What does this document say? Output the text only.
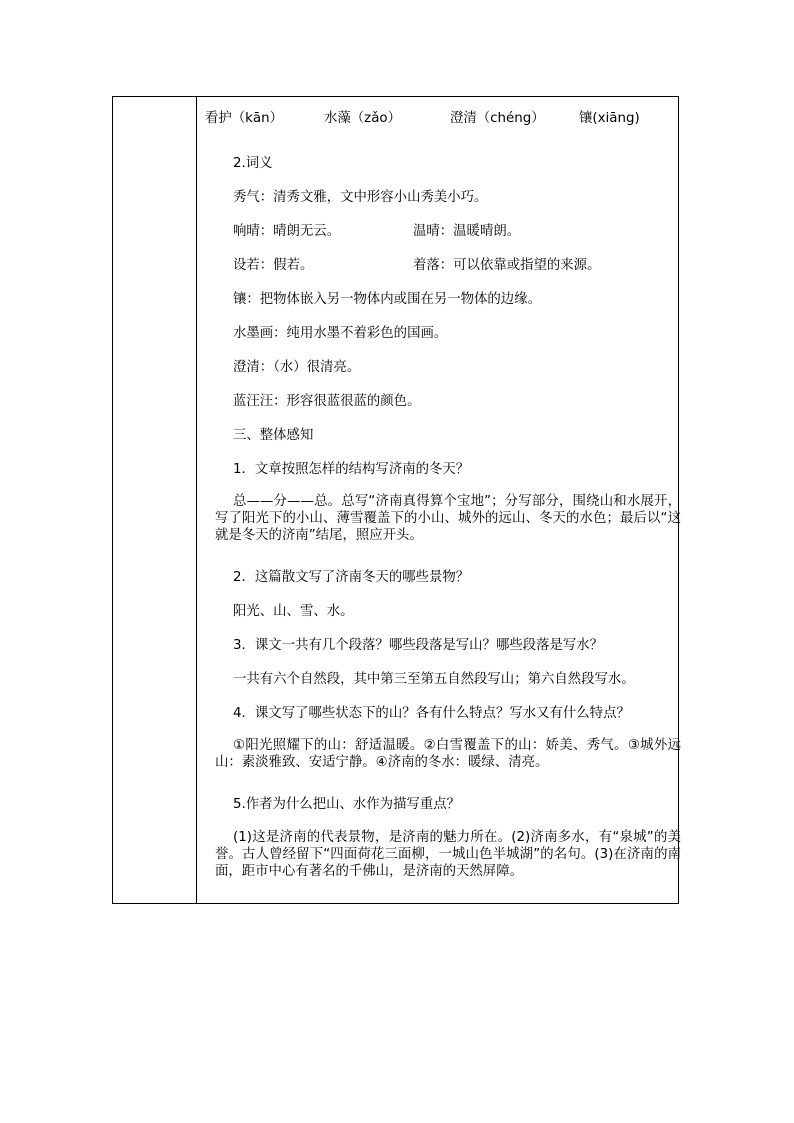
看护（kān）	水藻（zǎo）	澄清（chéng）	镶(xiāng)
2.词义
秀气：清秀文雅，文中形容小山秀美小巧。
响晴：晴朗无云。	温晴：温暖晴朗。
设若：假若。	着落：可以依靠或指望的来源。
镶：把物体嵌入另一物体内或围在另一物体的边缘。
水墨画：纯用水墨不着彩色的国画。
澄清：（水）很清亮。
蓝汪汪：形容很蓝很蓝的颜色。
三、整体感知
1．文章按照怎样的结构写济南的冬天？
总——分——总。总写“济南真得算个宝地”；分写部分，围绕山和水展开，写了阳光下的小山、薄雪覆盖下的小山、城外的远山、冬天的水色；最后以“这就是冬天的济南”结尾，照应开头。
2．这篇散文写了济南冬天的哪些景物？
阳光、山、雪、水。
3．课文一共有几个段落？哪些段落是写山？哪些段落是写水？
一共有六个自然段，其中第三至第五自然段写山；第六自然段写水。
4．课文写了哪些状态下的山？各有什么特点？写水又有什么特点？
①阳光照耀下的山：舒适温暖。②白雪覆盖下的山：娇美、秀气。③城外远山：素淡雅致、安适宁静。④济南的冬水：暖绿、清亮。
5.作者为什么把山、水作为描写重点？
(1)这是济南的代表景物，是济南的魅力所在。(2)济南多水，有“泉城”的美誉。古人曾经留下“四面荷花三面柳，一城山色半城湖”的名句。(3)在济南的南面，距市中心有著名的千佛山，是济南的天然屏障。
